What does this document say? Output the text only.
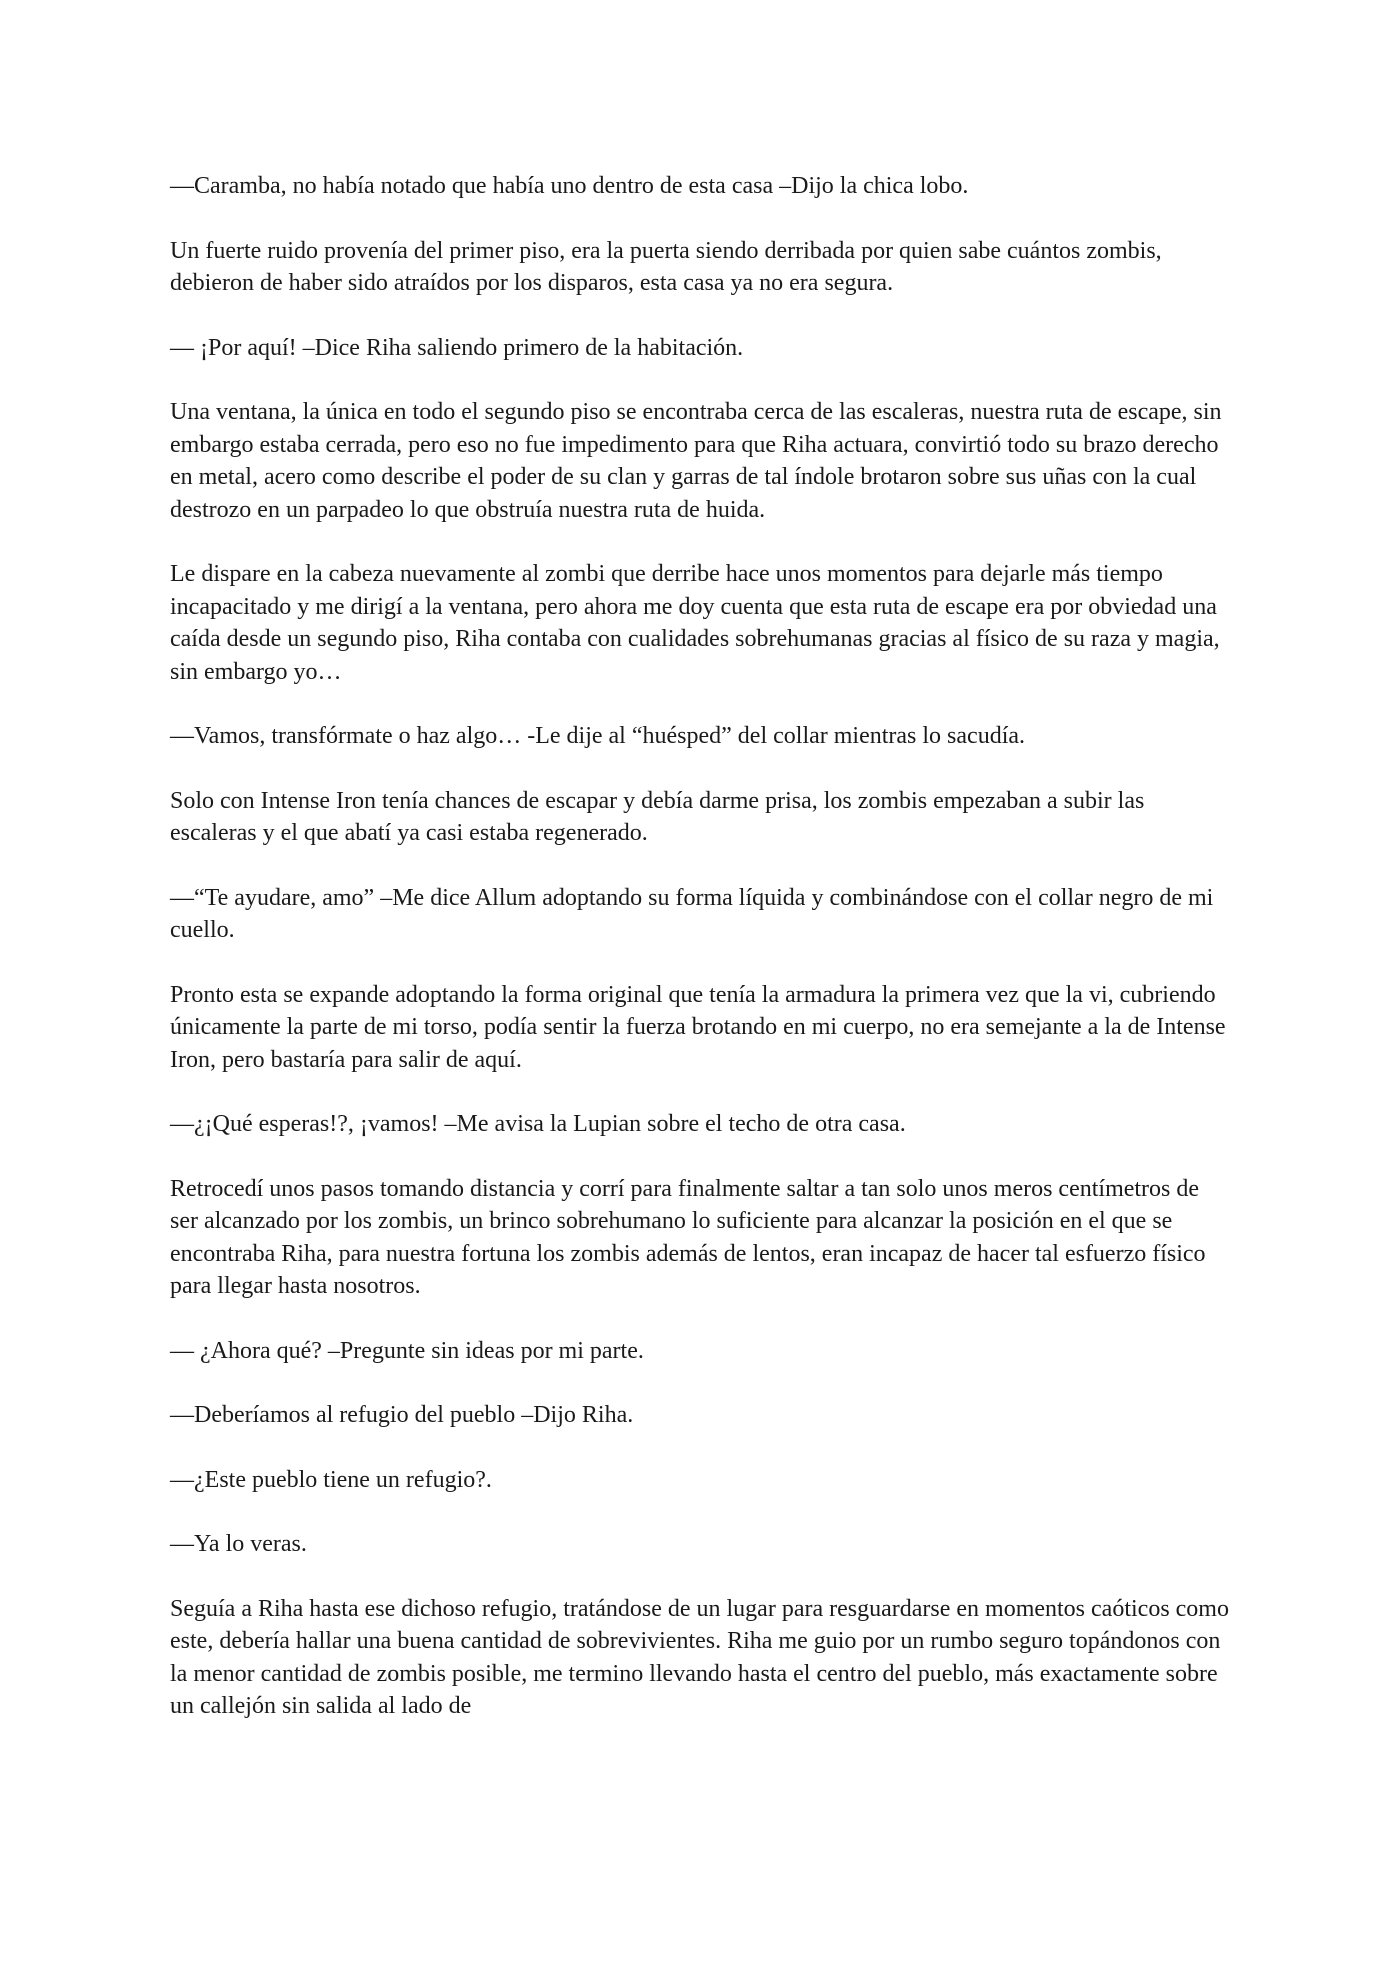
—Caramba, no había notado que había uno dentro de esta casa –Dijo la chica lobo.

Un fuerte ruido provenía del primer piso, era la puerta siendo derribada por quien sabe cuántos zombis, debieron de haber sido atraídos por los disparos, esta casa ya no era segura.

— ¡Por aquí! –Dice Riha saliendo primero de la habitación.

Una ventana, la única en todo el segundo piso se encontraba cerca de las escaleras, nuestra ruta de escape, sin embargo estaba cerrada, pero eso no fue impedimento para que Riha actuara, convirtió todo su brazo derecho en metal, acero como describe el poder de su clan y garras de tal índole brotaron sobre sus uñas con la cual destrozo en un parpadeo lo que obstruía nuestra ruta de huida.

Le dispare en la cabeza nuevamente al zombi que derribe hace unos momentos para dejarle más tiempo incapacitado y me dirigí a la ventana, pero ahora me doy cuenta que esta ruta de escape era por obviedad una caída desde un segundo piso, Riha contaba con cualidades sobrehumanas gracias al físico de su raza y magia, sin embargo yo…

—Vamos, transfórmate o haz algo… -Le dije al “huésped” del collar mientras lo sacudía.

Solo con Intense Iron tenía chances de escapar y debía darme prisa, los zombis empezaban a subir las escaleras y el que abatí ya casi estaba regenerado.

—“Te ayudare, amo” –Me dice Allum adoptando su forma líquida y combinándose con el collar negro de mi cuello.

Pronto esta se expande adoptando la forma original que tenía la armadura la primera vez que la vi, cubriendo únicamente la parte de mi torso, podía sentir la fuerza brotando en mi cuerpo, no era semejante a la de Intense Iron, pero bastaría para salir de aquí.

—¿¡Qué esperas!?, ¡vamos! –Me avisa la Lupian sobre el techo de otra casa.

Retrocedí unos pasos tomando distancia y corrí para finalmente saltar a tan solo unos meros centímetros de ser alcanzado por los zombis, un brinco sobrehumano lo suficiente para alcanzar la posición en el que se encontraba Riha, para nuestra fortuna los zombis además de lentos, eran incapaz de hacer tal esfuerzo físico para llegar hasta nosotros.

— ¿Ahora qué? –Pregunte sin ideas por mi parte.

—Deberíamos al refugio del pueblo –Dijo Riha.

—¿Este pueblo tiene un refugio?.

—Ya lo veras.

Seguía a Riha hasta ese dichoso refugio, tratándose de un lugar para resguardarse en momentos caóticos como este, debería hallar una buena cantidad de sobrevivientes. Riha me guio por un rumbo seguro topándonos con la menor cantidad de zombis posible, me termino llevando hasta el centro del pueblo, más exactamente sobre un callejón sin salida al lado de
